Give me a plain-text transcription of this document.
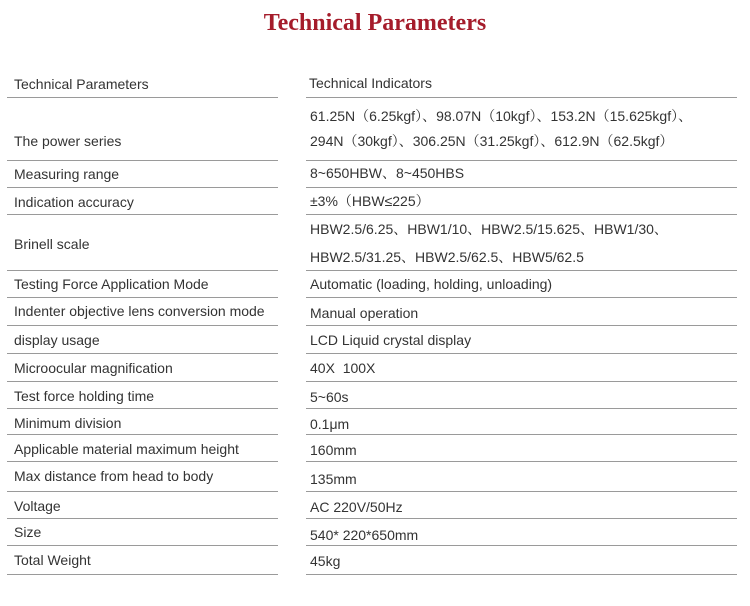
Technical Parameters
Technical Parameters
The power series
Measuring range
Indication accuracy
Brinell scale
Testing Force Application Mode
Indenter objective lens conversion mode
display usage
Microocular magnification
Test force holding time
Minimum division
Applicable material maximum height
Max distance from head to body
Voltage
Size
Total Weight
Technical Indicators
61.25N（6.25kgf）、98.07N（10kgf）、153.2N（15.625kgf）、
294N（30kgf）、306.25N（31.25kgf）、612.9N（62.5kgf）
8~650HBW、8~450HBS
±3%（HBW≤225）
HBW2.5/6.25、HBW1/10、HBW2.5/15.625、HBW1/30、
HBW2.5/31.25、HBW2.5/62.5、HBW5/62.5
Automatic (loading, holding, unloading)
Manual operation
LCD Liquid crystal display
40X  100X
5~60s
0.1μm
160mm
135mm
AC 220V/50Hz
540* 220*650mm
45kg
